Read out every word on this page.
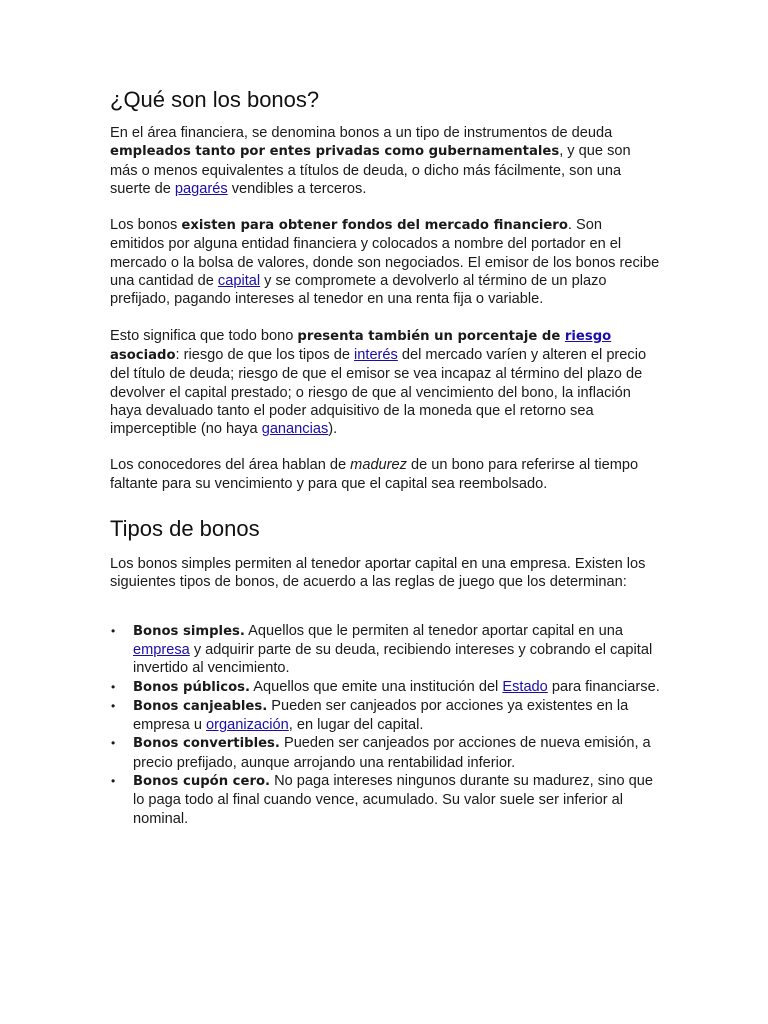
¿Qué son los bonos?

En el área financiera, se denomina bonos a un tipo de instrumentos de deuda empleados tanto por entes privadas como gubernamentales, y que son más o menos equivalentes a títulos de deuda, o dicho más fácilmente, son una suerte de pagarés vendibles a terceros.

Los bonos existen para obtener fondos del mercado financiero. Son emitidos por alguna entidad financiera y colocados a nombre del portador en el mercado o la bolsa de valores, donde son negociados. El emisor de los bonos recibe una cantidad de capital y se compromete a devolverlo al término de un plazo prefijado, pagando intereses al tenedor en una renta fija o variable.

Esto significa que todo bono presenta también un porcentaje de riesgo asociado: riesgo de que los tipos de interés del mercado varíen y alteren el precio del título de deuda; riesgo de que el emisor se vea incapaz al término del plazo de devolver el capital prestado; o riesgo de que al vencimiento del bono, la inflación haya devaluado tanto el poder adquisitivo de la moneda que el retorno sea imperceptible (no haya ganancias).

Los conocedores del área hablan de madurez de un bono para referirse al tiempo faltante para su vencimiento y para que el capital sea reembolsado.

Tipos de bonos

Los bonos simples permiten al tenedor aportar capital en una empresa. Existen los siguientes tipos de bonos, de acuerdo a las reglas de juego que los determinan:

• Bonos simples. Aquellos que le permiten al tenedor aportar capital en una empresa y adquirir parte de su deuda, recibiendo intereses y cobrando el capital invertido al vencimiento.
• Bonos públicos. Aquellos que emite una institución del Estado para financiarse.
• Bonos canjeables. Pueden ser canjeados por acciones ya existentes en la empresa u organización, en lugar del capital.
• Bonos convertibles. Pueden ser canjeados por acciones de nueva emisión, a precio prefijado, aunque arrojando una rentabilidad inferior.
• Bonos cupón cero. No paga intereses ningunos durante su madurez, sino que lo paga todo al final cuando vence, acumulado. Su valor suele ser inferior al nominal.
